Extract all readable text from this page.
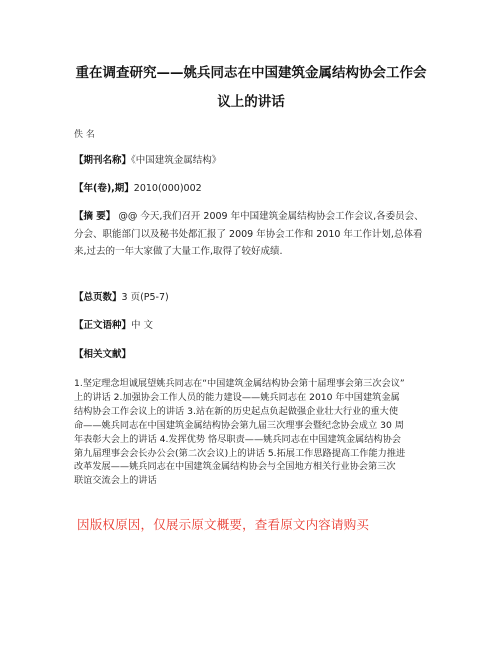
重在调查研究——姚兵同志在中国建筑金属结构协会工作会
议上的讲话
佚 名
【期刊名称】《中国建筑金属结构》
【年(卷),期】2010(000)002
【摘 要】 @@ 今天,我们召开 2009 年中国建筑金属结构协会工作会议,各委员会、
分会、职能部门以及秘书处都汇报了 2009 年协会工作和 2010 年工作计划,总体看
来,过去的一年大家做了大量工作,取得了较好成绩.
【总页数】3 页(P5-7)
【正文语种】中 文
【相关文献】
1.坚定理念坦诚展望姚兵同志在“中国建筑金属结构协会第十届理事会第三次会议”
上的讲话 2.加强协会工作人员的能力建设——姚兵同志在 2010 年中国建筑金属
结构协会工作会议上的讲话 3.站在新的历史起点负起做强企业壮大行业的重大使
命——姚兵同志在中国建筑金属结构协会第九届三次理事会暨纪念协会成立 30 周
年表彰大会上的讲话 4.发挥优势 恪尽职责——姚兵同志在中国建筑金属结构协会
第九届理事会会长办公会(第二次会议)上的讲话 5.拓展工作思路提高工作能力推进
改革发展——姚兵同志在中国建筑金属结构协会与全国地方相关行业协会第三次
联谊交流会上的讲话
因版权原因，仅展示原文概要，查看原文内容请购买
